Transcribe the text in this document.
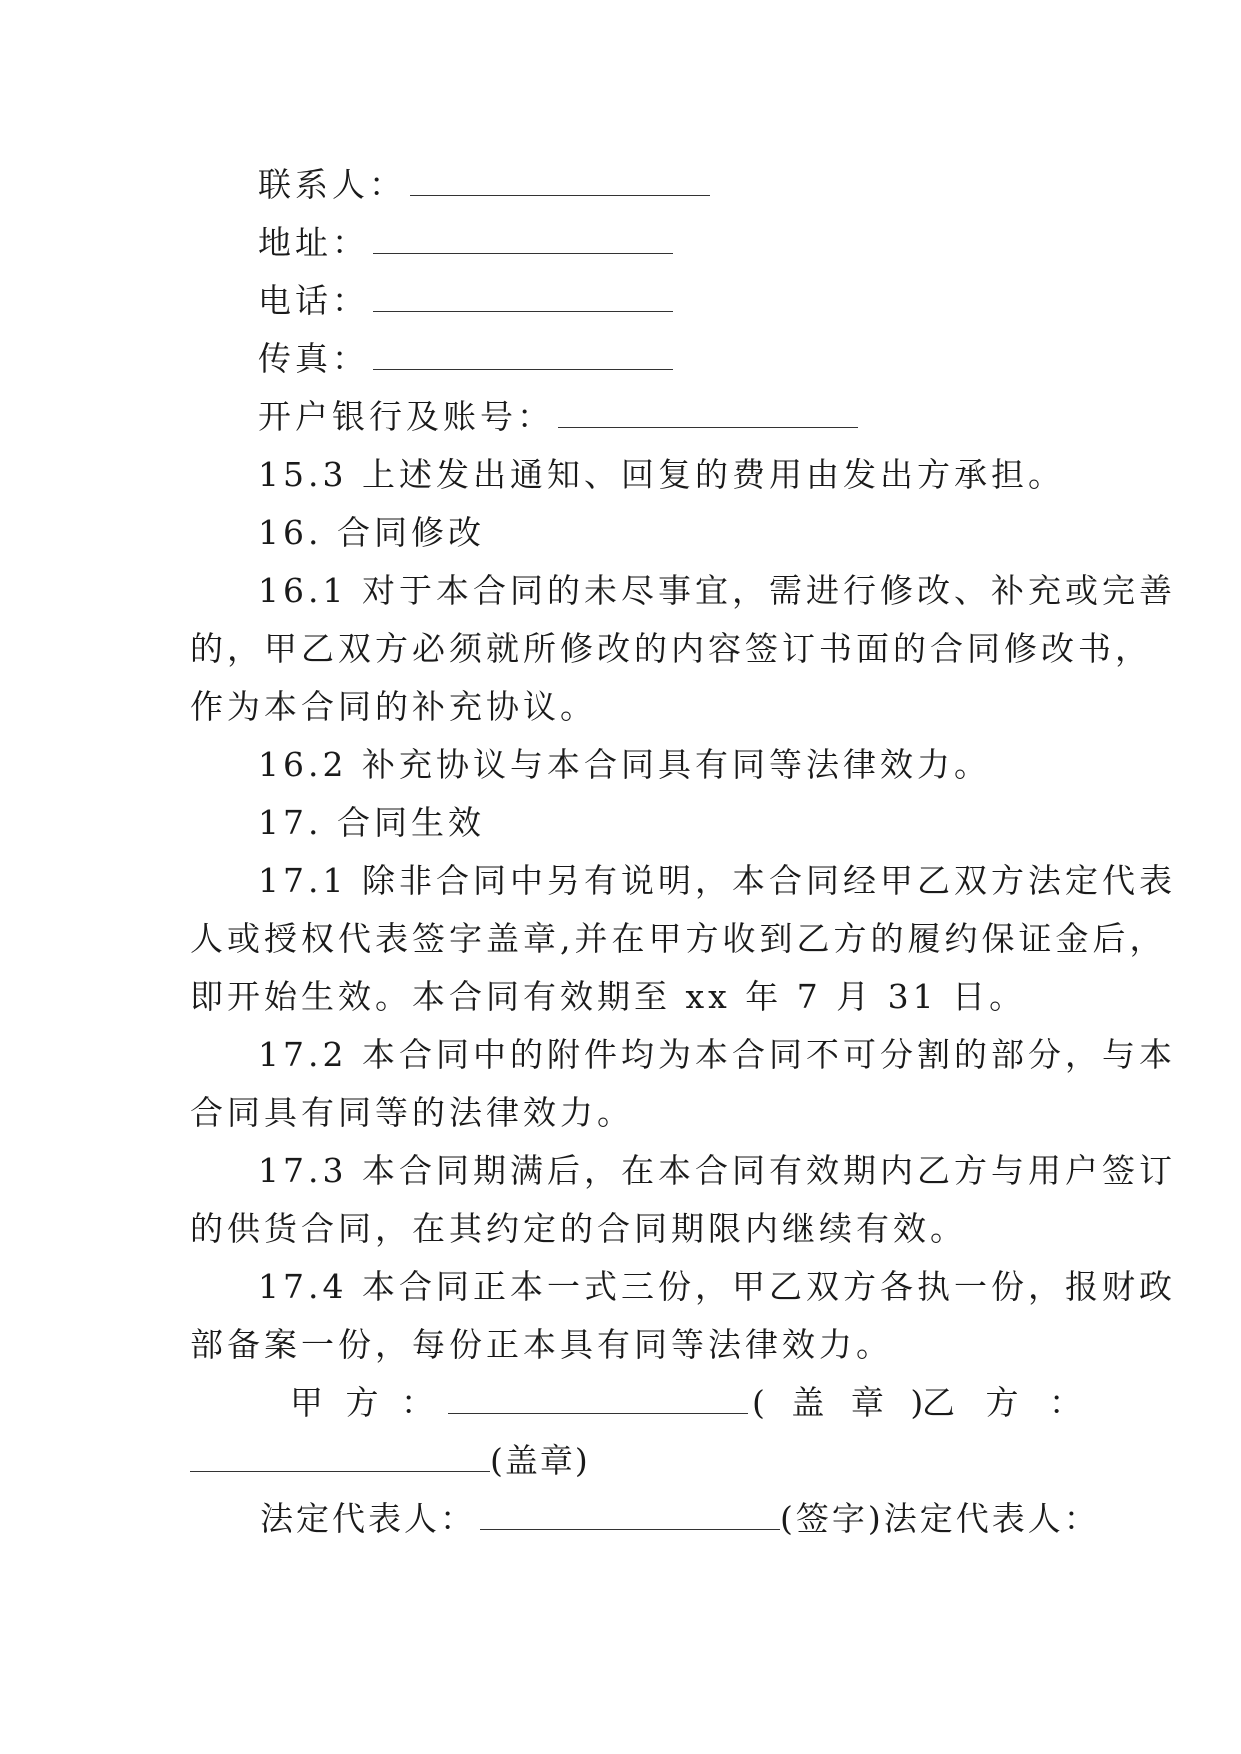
联系人：
地址：
电话：
传真：
开户银行及账号：
15.3 上述发出通知、回复的费用由发出方承担。
16. 合同修改
16.1 对于本合同的未尽事宜，需进行修改、补充或完善
的，甲乙双方必须就所修改的内容签订书面的合同修改书，
作为本合同的补充协议。
16.2 补充协议与本合同具有同等法律效力。
17. 合同生效
17.1 除非合同中另有说明，本合同经甲乙双方法定代表
人或授权代表签字盖章,并在甲方收到乙方的履约保证金后，
即开始生效。本合同有效期至 xx 年 7 月 31 日。
17.2 本合同中的附件均为本合同不可分割的部分，与本
合同具有同等的法律效力。
17.3 本合同期满后，在本合同有效期内乙方与用户签订
的供货合同，在其约定的合同期限内继续有效。
17.4 本合同正本一式三份，甲乙双方各执一份，报财政
部备案一份，每份正本具有同等法律效力。
甲 方 ：	( 盖 章 )乙 方 ：
(盖章)
法定代表人：	(签字)法定代表人：
